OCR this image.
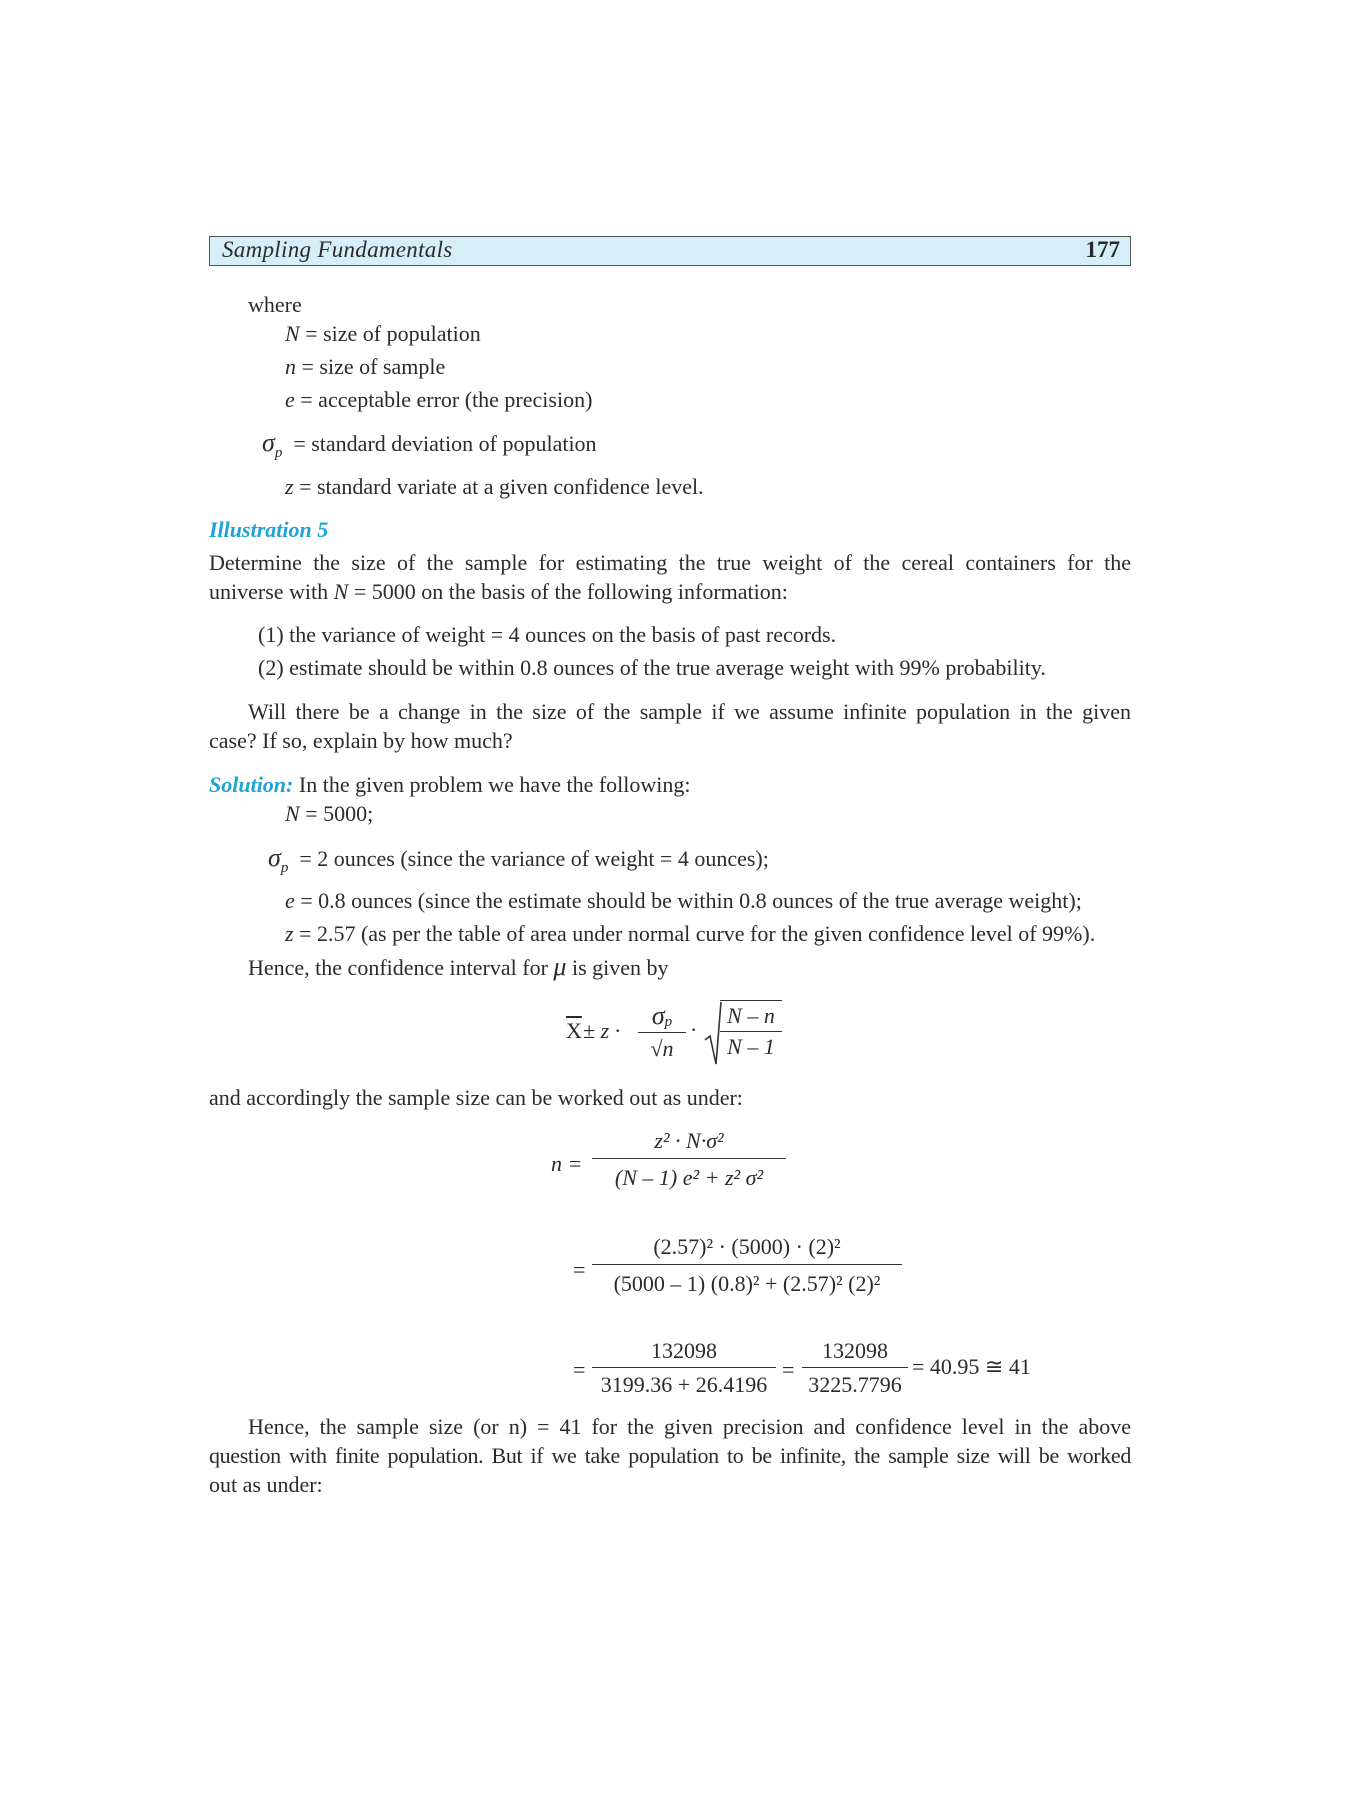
Sampling Fundamentals	177
where
N = size of population
n = size of sample
e = acceptable error (the precision)
$\sigma_p$ = standard deviation of population
z = standard variate at a given confidence level.
Illustration 5
Determine the size of the sample for estimating the true weight of the cereal containers for the
universe with N = 5000 on the basis of the following information:
(1) the variance of weight = 4 ounces on the basis of past records.
(2) estimate should be within 0.8 ounces of the true average weight with 99% probability.
Will there be a change in the size of the sample if we assume infinite population in the given
case? If so, explain by how much?
Solution: In the given problem we have the following:
N = 5000;
$\sigma_p = 2$ ounces (since the variance of weight = 4 ounces);
e = 0.8 ounces (since the estimate should be within 0.8 ounces of the true average weight);
z = 2.57 (as per the table of area under normal curve for the given confidence level of 99%).
Hence, the confidence interval for μ is given by
$\overline{X} \pm z$ ·
σp
√n
·
N – n
N – 1
and accordingly the sample size can be worked out as under:
n =
z² · N·σ²
(N – 1) e² + z² σ²
=
(2.57)² · (5000) · (2)²
(5000 – 1) (0.8)² + (2.57)² (2)²
=
132098
3199.36 + 26.4196
=
132098
3225.7796
= 40.95 ≅ 41
Hence, the sample size (or n) = 41 for the given precision and confidence level in the above
question with finite population. But if we take population to be infinite, the sample size will be worked
out as under:
